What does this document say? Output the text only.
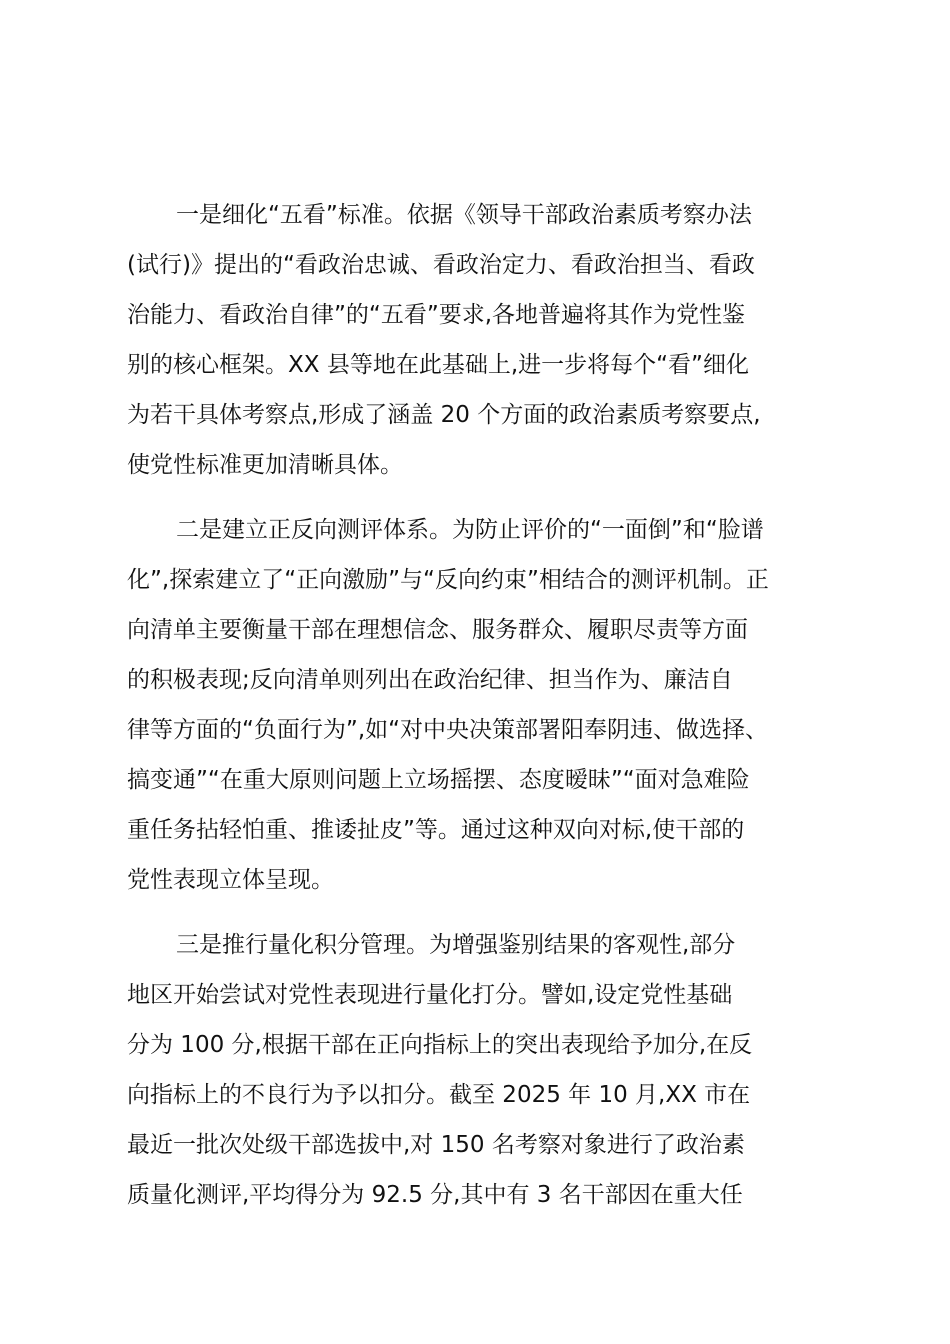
一是细化“五看”标准。依据《领导干部政治素质考察办法
(试行)》提出的“看政治忠诚、看政治定力、看政治担当、看政
治能力、看政治自律”的“五看”要求,各地普遍将其作为党性鉴
别的核心框架。XX 县等地在此基础上,进一步将每个“看”细化
为若干具体考察点,形成了涵盖 20 个方面的政治素质考察要点,
使党性标准更加清晰具体。
二是建立正反向测评体系。为防止评价的“一面倒”和“脸谱
化”,探索建立了“正向激励”与“反向约束”相结合的测评机制。正
向清单主要衡量干部在理想信念、服务群众、履职尽责等方面
的积极表现;反向清单则列出在政治纪律、担当作为、廉洁自
律等方面的“负面行为”,如“对中央决策部署阳奉阴违、做选择、
搞变通”“在重大原则问题上立场摇摆、态度暧昧”“面对急难险
重任务拈轻怕重、推诿扯皮”等。通过这种双向对标,使干部的
党性表现立体呈现。
三是推行量化积分管理。为增强鉴别结果的客观性,部分
地区开始尝试对党性表现进行量化打分。譬如,设定党性基础
分为 100 分,根据干部在正向指标上的突出表现给予加分,在反
向指标上的不良行为予以扣分。截至 2025 年 10 月,XX 市在
最近一批次处级干部选拔中,对 150 名考察对象进行了政治素
质量化测评,平均得分为 92.5 分,其中有 3 名干部因在重大任
